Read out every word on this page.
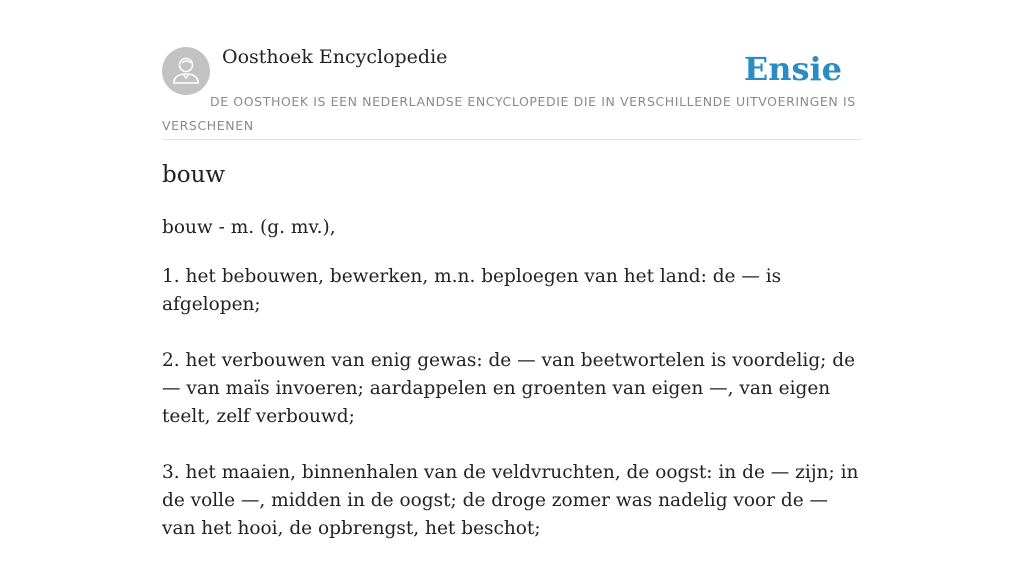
Oosthoek Encyclopedie	Ensie
DE OOSTHOEK IS EEN NEDERLANDSE ENCYCLOPEDIE DIE IN VERSCHILLENDE UITVOERINGEN IS VERSCHENEN
bouw
bouw - m. (g. mv.),

1. het bebouwen, bewerken, m.n. beploegen van het land: de — is afgelopen;

2. het verbouwen van enig gewas: de — van beetwortelen is voordelig; de — van maïs invoeren; aardappelen en groenten van eigen —, van eigen teelt, zelf verbouwd;

3. het maaien, binnenhalen van de veldvruchten, de oogst: in de — zijn; in de volle —, midden in de oogst; de droge zomer was nadelig voor de — van het hooi, de opbrengst, het beschot;
